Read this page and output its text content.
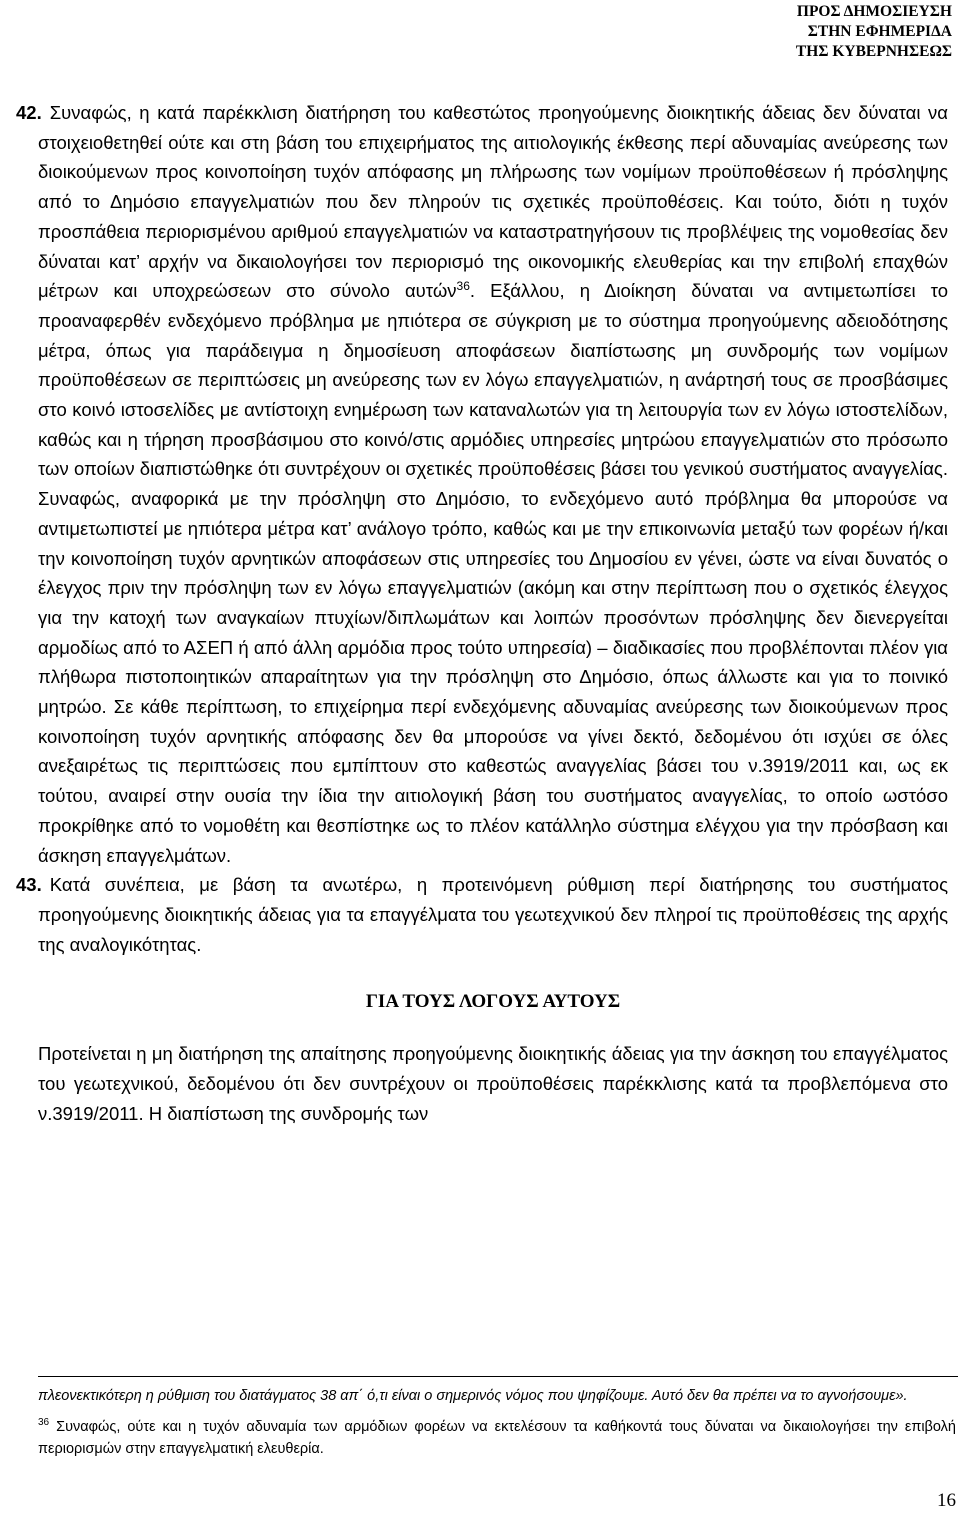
ΠΡΟΣ ΔΗΜΟΣΙΕΥΣΗ
ΣΤΗΝ ΕΦΗΜΕΡΙΔΑ
ΤΗΣ ΚΥΒΕΡΝΗΣΕΩΣ

42. Συναφώς, η κατά παρέκκλιση διατήρηση του καθεστώτος προηγούμενης διοικητικής άδειας δεν δύναται να στοιχειοθετηθεί ούτε και στη βάση του επιχειρήματος της αιτιολογικής έκθεσης περί αδυναμίας ανεύρεσης των διοικούμενων προς κοινοποίηση τυχόν απόφασης μη πλήρωσης των νομίμων προϋποθέσεων ή πρόσληψης από το Δημόσιο επαγγελματιών που δεν πληρούν τις σχετικές προϋποθέσεις. Και τούτο, διότι η τυχόν προσπάθεια περιορισμένου αριθμού επαγγελματιών να καταστρατηγήσουν τις προβλέψεις της νομοθεσίας δεν δύναται κατ’ αρχήν να δικαιολογήσει τον περιορισμό της οικονομικής ελευθερίας και την επιβολή επαχθών μέτρων και υποχρεώσεων στο σύνολο αυτών$^{36}$. Εξάλλου, η Διοίκηση δύναται να αντιμετωπίσει το προαναφερθέν ενδεχόμενο πρόβλημα με ηπιότερα σε σύγκριση με το σύστημα προηγούμενης αδειοδότησης μέτρα, όπως για παράδειγμα η δημοσίευση αποφάσεων διαπίστωσης μη συνδρομής των νομίμων προϋποθέσεων σε περιπτώσεις μη ανεύρεσης των εν λόγω επαγγελματιών, η ανάρτησή τους σε προσβάσιμες στο κοινό ιστοσελίδες με αντίστοιχη ενημέρωση των καταναλωτών για τη λειτουργία των εν λόγω ιστοστελίδων, καθώς και η τήρηση προσβάσιμου στο κοινό/στις αρμόδιες υπηρεσίες μητρώου επαγγελματιών στο πρόσωπο των οποίων διαπιστώθηκε ότι συντρέχουν οι σχετικές προϋποθέσεις βάσει του γενικού συστήματος αναγγελίας. Συναφώς, αναφορικά με την πρόσληψη στο Δημόσιο, το ενδεχόμενο αυτό πρόβλημα θα μπορούσε να αντιμετωπιστεί με ηπιότερα μέτρα κατ’ ανάλογο τρόπο, καθώς και με την επικοινωνία μεταξύ των φορέων ή/και την κοινοποίηση τυχόν αρνητικών αποφάσεων στις υπηρεσίες του Δημοσίου εν γένει, ώστε να είναι δυνατός ο έλεγχος πριν την πρόσληψη των εν λόγω επαγγελματιών (ακόμη και στην περίπτωση που ο σχετικός έλεγχος για την κατοχή των αναγκαίων πτυχίων/διπλωμάτων και λοιπών προσόντων πρόσληψης δεν διενεργείται αρμοδίως από το ΑΣΕΠ ή από άλλη αρμόδια προς τούτο υπηρεσία) – διαδικασίες που προβλέπονται πλέον για πλήθωρα πιστοποιητικών απαραίτητων για την πρόσληψη στο Δημόσιο, όπως άλλωστε και για το ποινικό μητρώο. Σε κάθε περίπτωση, το επιχείρημα περί ενδεχόμενης αδυναμίας ανεύρεσης των διοικούμενων προς κοινοποίηση τυχόν αρνητικής απόφασης δεν θα μπορούσε να γίνει δεκτό, δεδομένου ότι ισχύει σε όλες ανεξαιρέτως τις περιπτώσεις που εμπίπτουν στο καθεστώς αναγγελίας βάσει του ν.3919/2011 και, ως εκ τούτου, αναιρεί στην ουσία την ίδια την αιτιολογική βάση του συστήματος αναγγελίας, το οποίο ωστόσο προκρίθηκε από το νομοθέτη και θεσπίστηκε ως το πλέον κατάλληλο σύστημα ελέγχου για την πρόσβαση και άσκηση επαγγελμάτων.

43. Κατά συνέπεια, με βάση τα ανωτέρω, η προτεινόμενη ρύθμιση περί διατήρησης του συστήματος προηγούμενης διοικητικής άδειας για τα επαγγέλματα του γεωτεχνικού δεν πληροί τις προϋποθέσεις της αρχής της αναλογικότητας.

ΓΙΑ ΤΟΥΣ ΛΟΓΟΥΣ ΑΥΤΟΥΣ

Προτείνεται η μη διατήρηση της απαίτησης προηγούμενης διοικητικής άδειας για την άσκηση του επαγγέλματος του γεωτεχνικού, δεδομένου ότι δεν συντρέχουν οι προϋποθέσεις παρέκκλισης κατά τα προβλεπόμενα στο ν.3919/2011. Η διαπίστωση της συνδρομής των

πλεονεκτικότερη η ρύθμιση του διατάγματος 38 απ΄ ό,τι είναι ο σημερινός νόμος που ψηφίζουμε. Αυτό δεν θα πρέπει να το αγνοήσουμε».

$^{36}$ Συναφώς, ούτε και η τυχόν αδυναμία των αρμόδιων φορέων να εκτελέσουν τα καθήκοντά τους δύναται να δικαιολογήσει την επιβολή περιορισμών στην επαγγελματική ελευθερία.

16
